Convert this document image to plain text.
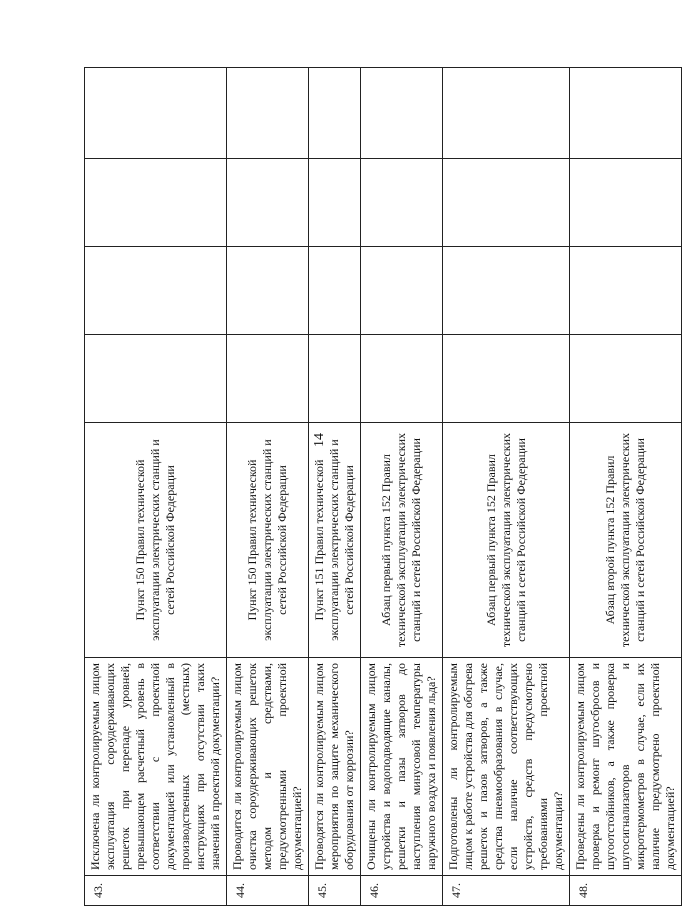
14
43.	Исключена ли контролируемым лицом эксплуатация сороудерживающих решеток при перепаде уровней, превышающем расчетный уровень в соответствии с проектной документацией или установленный в производственных (местных) инструкциях при отсутствии таких значений в проектной документации?	Пункт 150 Правил технической эксплуатации электрических станций и сетей Российской Федерации				
44.	Проводится ли контролируемым лицом очистка сороудерживающих решеток методом и средствами, предусмотренными проектной документацией?	Пункт 150 Правил технической эксплуатации электрических станций и сетей Российской Федерации				
45.	Проводятся ли контролируемым лицом мероприятия по защите механического оборудования от коррозии?	Пункт 151 Правил технической эксплуатации электрических станций и сетей Российской Федерации				
46.	Очищены ли контролируемым лицом устройства и водоподводящие каналы, решетки и пазы затворов до наступления минусовой температуры наружного воздуха и появления льда?	Абзац первый пункта 152 Правил технической эксплуатации электрических станций и сетей Российской Федерации				
47.	Подготовлены ли контролируемым лицом к работе устройства для обогрева решеток и пазов затворов, а также средства пневмообразования в случае, если наличие соответствующих устройств, средств предусмотрено требованиями проектной документации?	Абзац первый пункта 152 Правил технической эксплуатации электрических станций и сетей Российской Федерации				
48.	Проведены ли контролируемым лицом проверка и ремонт шугосбросов и шугоотстойников, а также проверка шугосигнализаторов и микротермометров в случае, если их наличие предусмотрено проектной документацией?	Абзац второй пункта 152 Правил технической эксплуатации электрических станций и сетей Российской Федерации				
